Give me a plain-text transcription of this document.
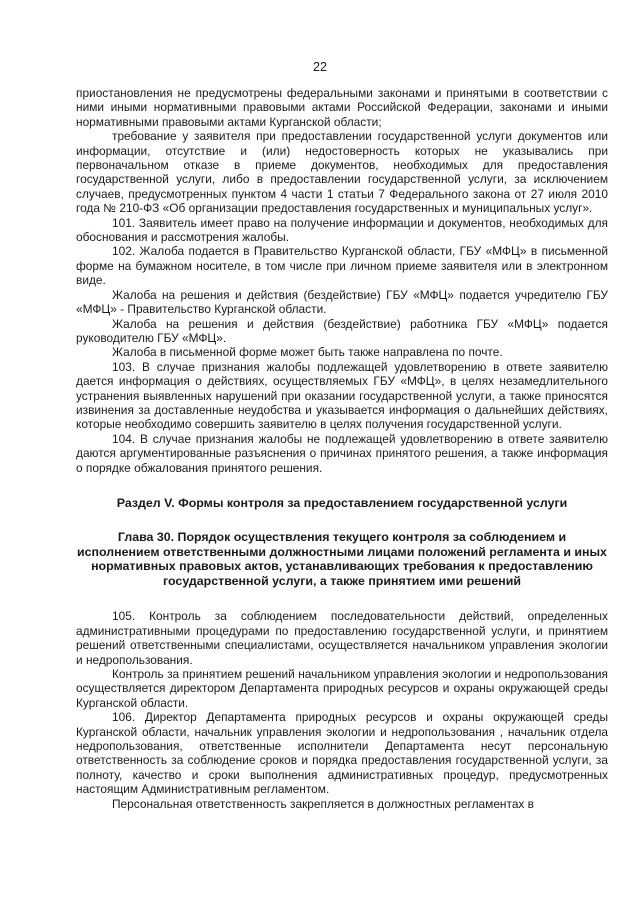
22

приостановления не предусмотрены федеральными законами и принятыми в соответствии с ними иными нормативными правовыми актами Российской Федерации, законами и иными нормативными правовыми актами Курганской области;

требование у заявителя при предоставлении государственной услуги документов или информации, отсутствие и (или) недостоверность которых не указывались при первоначальном отказе в приеме документов, необходимых для предоставления государственной услуги, либо в предоставлении государственной услуги, за исключением случаев, предусмотренных пунктом 4 части 1 статьи 7 Федерального закона от 27 июля 2010 года № 210-ФЗ «Об организации предоставления государственных и муниципальных услуг».

101. Заявитель имеет право на получение информации и документов, необходимых для обоснования и рассмотрения жалобы.

102. Жалоба подается в Правительство Курганской области, ГБУ «МФЦ» в письменной форме на бумажном носителе, в том числе при личном приеме заявителя или в электронном виде.

Жалоба на решения и действия (бездействие) ГБУ «МФЦ» подается учредителю ГБУ «МФЦ» - Правительство Курганской области.

Жалоба на решения и действия (бездействие) работника ГБУ «МФЦ» подается руководителю ГБУ «МФЦ».

Жалоба в письменной форме может быть также направлена по почте.

103. В случае признания жалобы подлежащей удовлетворению в ответе заявителю дается информация о действиях, осуществляемых ГБУ «МФЦ», в целях незамедлительного устранения выявленных нарушений при оказании государственной услуги, а также приносятся извинения за доставленные неудобства и указывается информация о дальнейших действиях, которые необходимо совершить заявителю в целях получения государственной услуги.

104. В случае признания жалобы не подлежащей удовлетворению в ответе заявителю даются аргументированные разъяснения о причинах принятого решения, а также информация о порядке обжалования принятого решения.

Раздел V. Формы контроля за предоставлением государственной услуги
Глава 30. Порядок осуществления текущего контроля за соблюдением и исполнением ответственными должностными лицами положений регламента и иных нормативных правовых актов, устанавливающих требования к предоставлению государственной услуги, а также принятием ими решений

105. Контроль за соблюдением последовательности действий, определенных административными процедурами по предоставлению государственной услуги, и принятием решений ответственными специалистами, осуществляется начальником управления экологии и недропользования.

Контроль за принятием решений начальником управления экологии и недропользования осуществляется директором Департамента природных ресурсов и охраны окружающей среды Курганской области.

106. Директор Департамента природных ресурсов и охраны окружающей среды Курганской области, начальник управления экологии и недропользования , начальник отдела недропользования, ответственные исполнители Департамента несут персональную ответственность за соблюдение сроков и порядка предоставления государственной услуги, за полноту, качество и сроки выполнения административных процедур, предусмотренных настоящим Административным регламентом.

Персональная ответственность закрепляется в должностных регламентах в
